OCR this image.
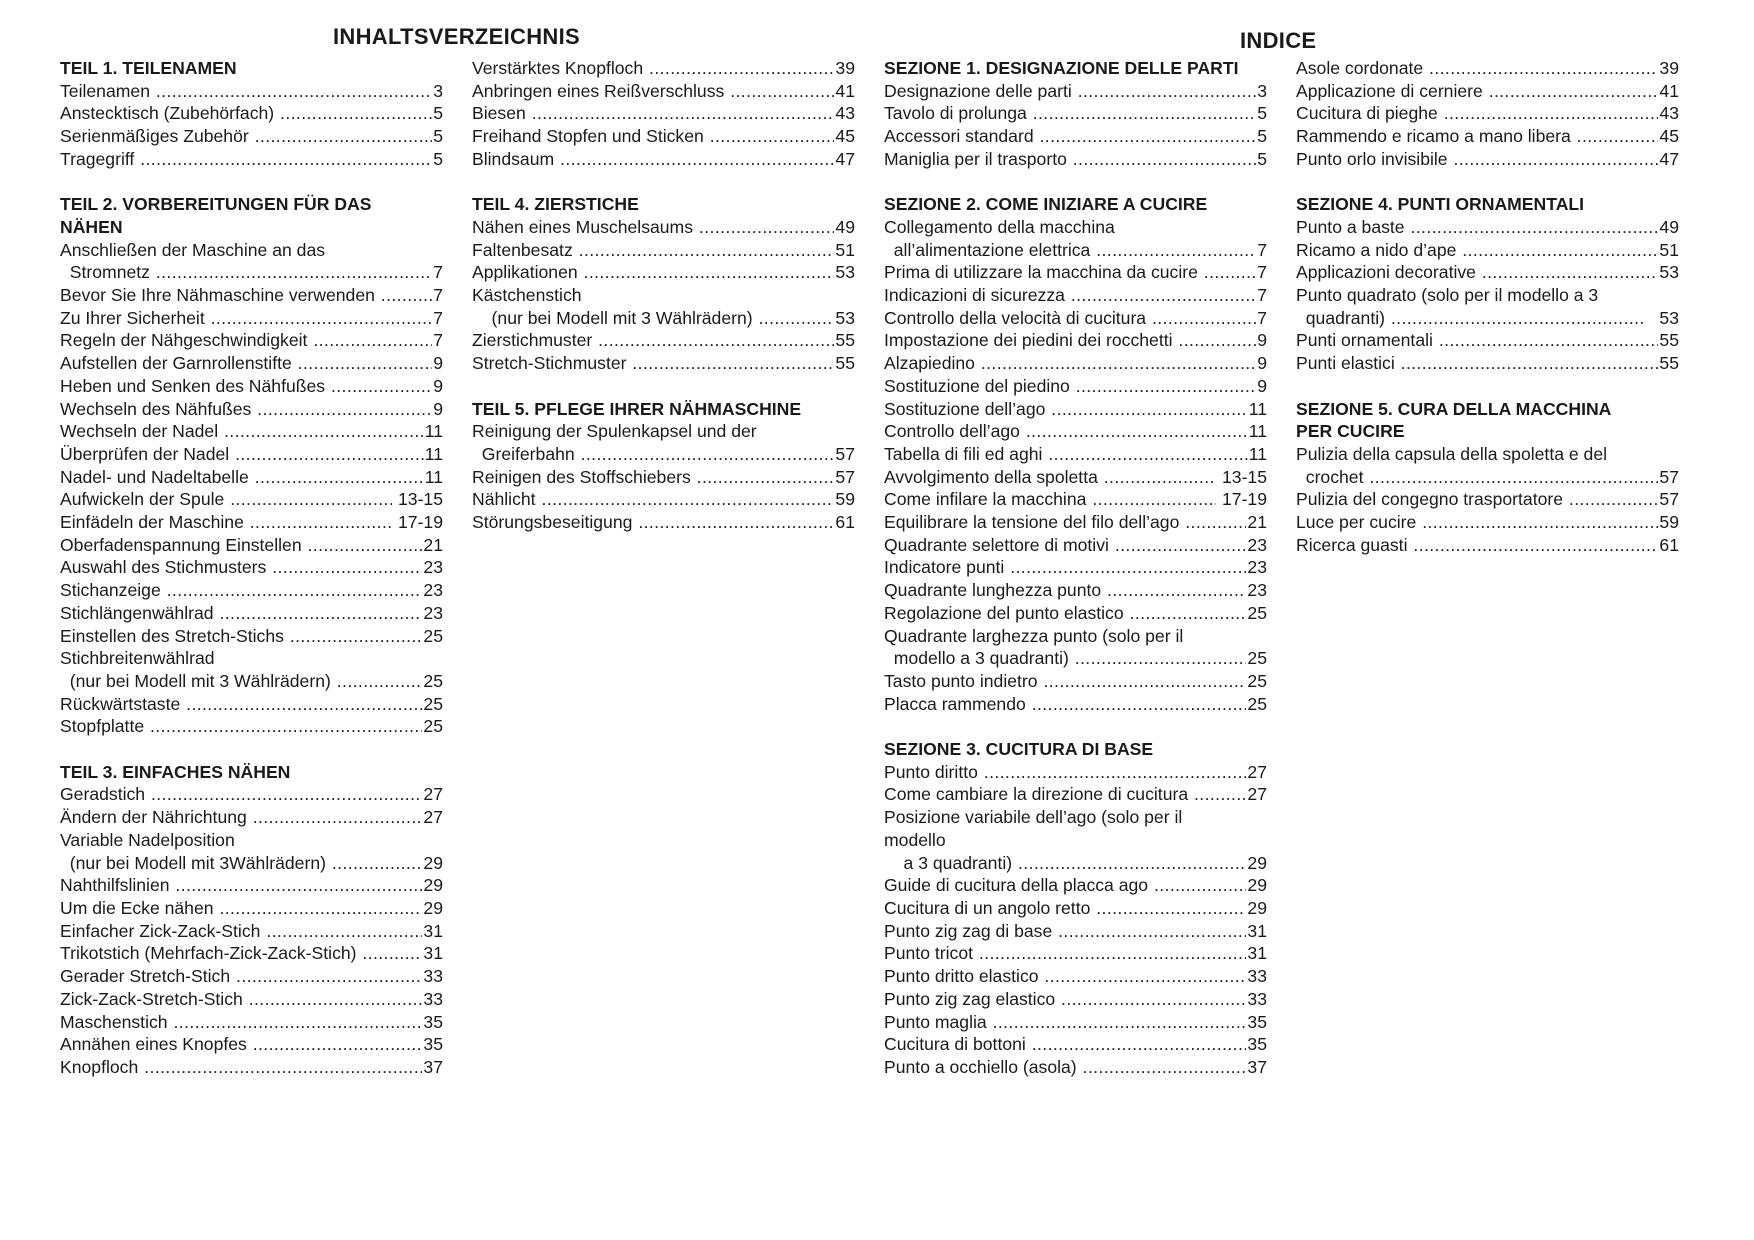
INHALTSVERZEICHNIS	INDICE
TEIL 1. TEILENAMEN
Teilenamen .....	3
Ansteсktisch (Zubehörfach) .....	5
Serienmäßiges Zubehör .....	5
Tragegriff .....	5
TEIL 2. VORBEREITUNGEN FÜR DAS
NÄHEN
Anschließen der Maschine an das
Stromnetz .....	7
Bevor Sie Ihre Nähmaschine verwenden .....	7
Zu Ihrer Sicherheit .....	7
Regeln der Nähgeschwindigkeit .....	7
Aufstellen der Garnrollenstifte .....	9
Heben und Senken des Nähfußes .....	9
Wechseln des Nähfußes .....	9
Wechseln der Nadel .....	11
Überprüfen der Nadel .....	11
Nadel- und Nadeltabelle .....	11
Aufwickeln der Spule .....	13-15
Einfädeln der Maschine .....	17-19
Oberfadenspannung Einstellen .....	21
Auswahl des Stichmusters .....	23
Stichanzeige .....	23
Stichlängenwählrad .....	23
Einstellen des Stretch-Stichs .....	25
Stichbreitenwählrad
(nur bei Modell mit 3 Wählrädern) .....	25
Rückwärtstaste .....	25
Stopfplatte .....	25
TEIL 3. EINFACHES NÄHEN
Geradstich .....	27
Ändern der Nährichtung .....	27
Variable Nadelposition
(nur bei Modell mit 3Wählrädern) .....	29
Nahthilfslinien .....	29
Um die Ecke nähen .....	29
Einfacher Zick-Zack-Stich .....	31
Trikotstich (Mehrfach-Zick-Zack-Stich) .....	31
Gerader Stretch-Stich .....	33
Zick-Zack-Stretch-Stich .....	33
Maschenstich .....	35
Annähen eines Knopfes .....	35
Knopfloch .....	37
Verstärktes Knopfloch .....	39
Anbringen eines Reißverschluss .....	41
Biesen .....	43
Freihand Stopfen und Sticken .....	45
Blindsaum .....	47
TEIL 4. ZIERSTICHE
Nähen eines Muschelsaums .....	49
Faltenbesatz .....	51
Applikationen .....	53
Kästchenstich
(nur bei Modell mit 3 Wählrädern) .....	53
Zierstichmuster .....	55
Stretch-Stichmuster .....	55
TEIL 5. PFLEGE IHRER NÄHMASCHINE
Reinigung der Spulenkapsel und der
Greiferbahn .....	57
Reinigen des Stoffschiebers .....	57
Nählicht .....	59
Störungsbeseitigung .....	61
SEZIONE 1. DESIGNAZIONE DELLE PARTI
Designazione delle parti .....	3
Tavolo di prolunga .....	5
Accessori standard .....	5
Maniglia per il trasporto .....	5
SEZIONE 2. COME INIZIARE A CUCIRE
Collegamento della macchina
all’alimentazione elettrica .....	7
Prima di utilizzare la macchina da cucire .....	7
Indicazioni di sicurezza .....	7
Controllo della velocità di cucitura .....	7
Impostazione dei piedini dei rocchetti .....	9
Alzapiedino .....	9
Sostituzione del piedino .....	9
Sostituzione dell’ago .....	11
Controllo dell’ago .....	11
Tabella di fili ed aghi .....	11
Avvolgimento della spoletta .....	13-15
Come infilare la macchina .....	17-19
Equilibrare la tensione del filo dell’ago .....	21
Quadrante selettore di motivi .....	23
Indicatore punti .....	23
Quadrante lunghezza punto .....	23
Regolazione del punto elastico .....	25
Quadrante larghezza punto (solo per il
modello a 3 quadranti) .....	25
Tasto punto indietro .....	25
Placca rammendo .....	25
SEZIONE 3. CUCITURA DI BASE
Punto diritto .....	27
Come cambiare la direzione di cucitura .....	27
Posizione variabile dell’ago (solo per il
modello
a 3 quadranti) .....	29
Guide di cucitura della placca ago .....	29
Cucitura di un angolo retto .....	29
Punto zig zag di base .....	31
Punto tricot .....	31
Punto dritto elastico .....	33
Punto zig zag elastico .....	33
Punto maglia .....	35
Cucitura di bottoni .....	35
Punto a occhiello (asola) .....	37
Asole cordonate .....	39
Applicazione di cerniere .....	41
Cucitura di pieghe .....	43
Rammendo e ricamo a mano libera .....	45
Punto orlo invisibile .....	47
SEZIONE 4. PUNTI ORNAMENTALI
Punto a baste .....	49
Ricamo a nido d’ape .....	51
Applicazioni decorative .....	53
Punto quadrato (solo per il modello a 3
quadranti) .....	53
Punti ornamentali .....	55
Punti elastici .....	55
SEZIONE 5. CURA DELLA MACCHINA
PER CUCIRE
Pulizia della capsula della spoletta e del
crochet .....	57
Pulizia del congegno trasportatore .....	57
Luce per cucire .....	59
Ricerca guasti .....	61
